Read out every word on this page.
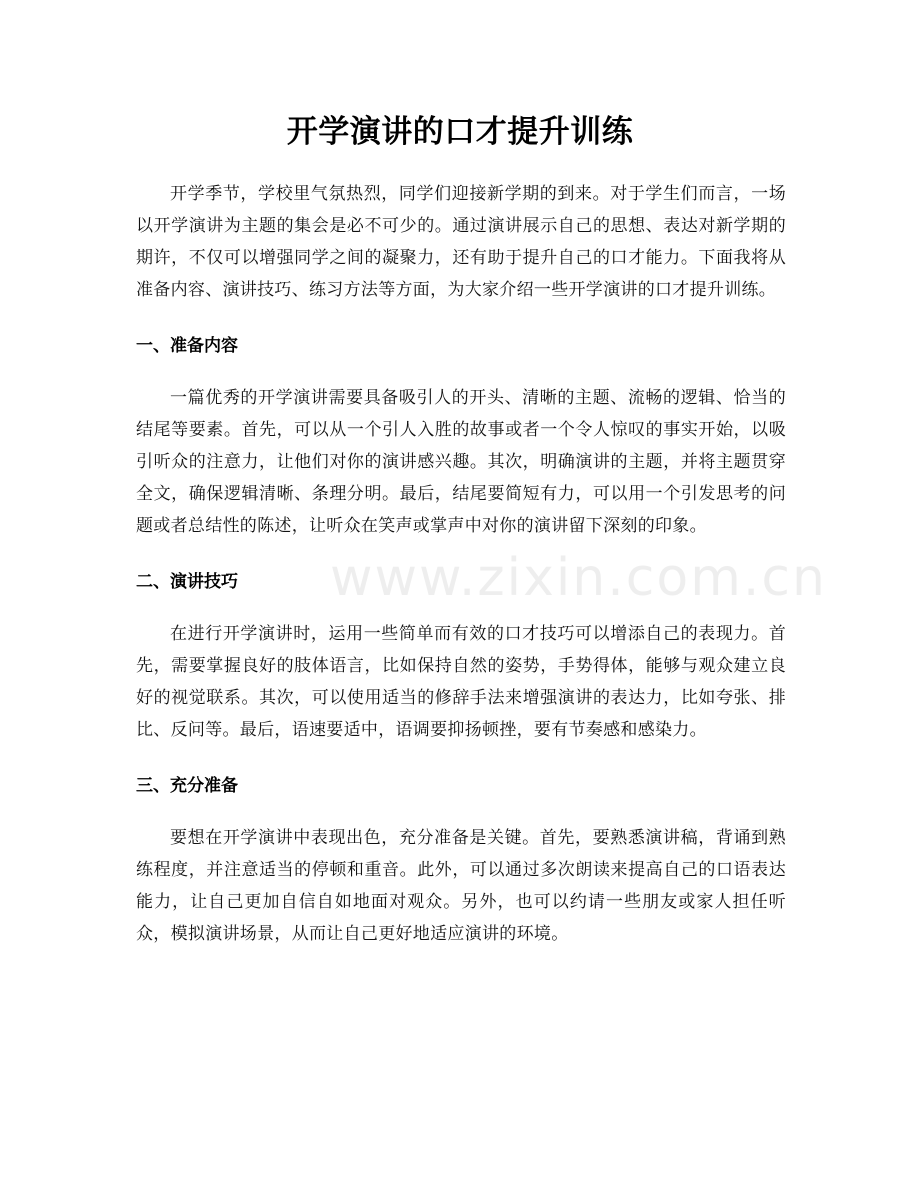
开学演讲的口才提升训练

开学季节，学校里气氛热烈，同学们迎接新学期的到来。对于学生们而言，一场以开学演讲为主题的集会是必不可少的。通过演讲展示自己的思想、表达对新学期的期许，不仅可以增强同学之间的凝聚力，还有助于提升自己的口才能力。下面我将从准备内容、演讲技巧、练习方法等方面，为大家介绍一些开学演讲的口才提升训练。

一、准备内容

一篇优秀的开学演讲需要具备吸引人的开头、清晰的主题、流畅的逻辑、恰当的结尾等要素。首先，可以从一个引人入胜的故事或者一个令人惊叹的事实开始，以吸引听众的注意力，让他们对你的演讲感兴趣。其次，明确演讲的主题，并将主题贯穿全文，确保逻辑清晰、条理分明。最后，结尾要简短有力，可以用一个引发思考的问题或者总结性的陈述，让听众在笑声或掌声中对你的演讲留下深刻的印象。

二、演讲技巧

在进行开学演讲时，运用一些简单而有效的口才技巧可以增添自己的表现力。首先，需要掌握良好的肢体语言，比如保持自然的姿势，手势得体，能够与观众建立良好的视觉联系。其次，可以使用适当的修辞手法来增强演讲的表达力，比如夸张、排比、反问等。最后，语速要适中，语调要抑扬顿挫，要有节奏感和感染力。

三、充分准备

要想在开学演讲中表现出色，充分准备是关键。首先，要熟悉演讲稿，背诵到熟练程度，并注意适当的停顿和重音。此外，可以通过多次朗读来提高自己的口语表达能力，让自己更加自信自如地面对观众。另外，也可以约请一些朋友或家人担任听众，模拟演讲场景，从而让自己更好地适应演讲的环境。

www.zixin.com.cn
